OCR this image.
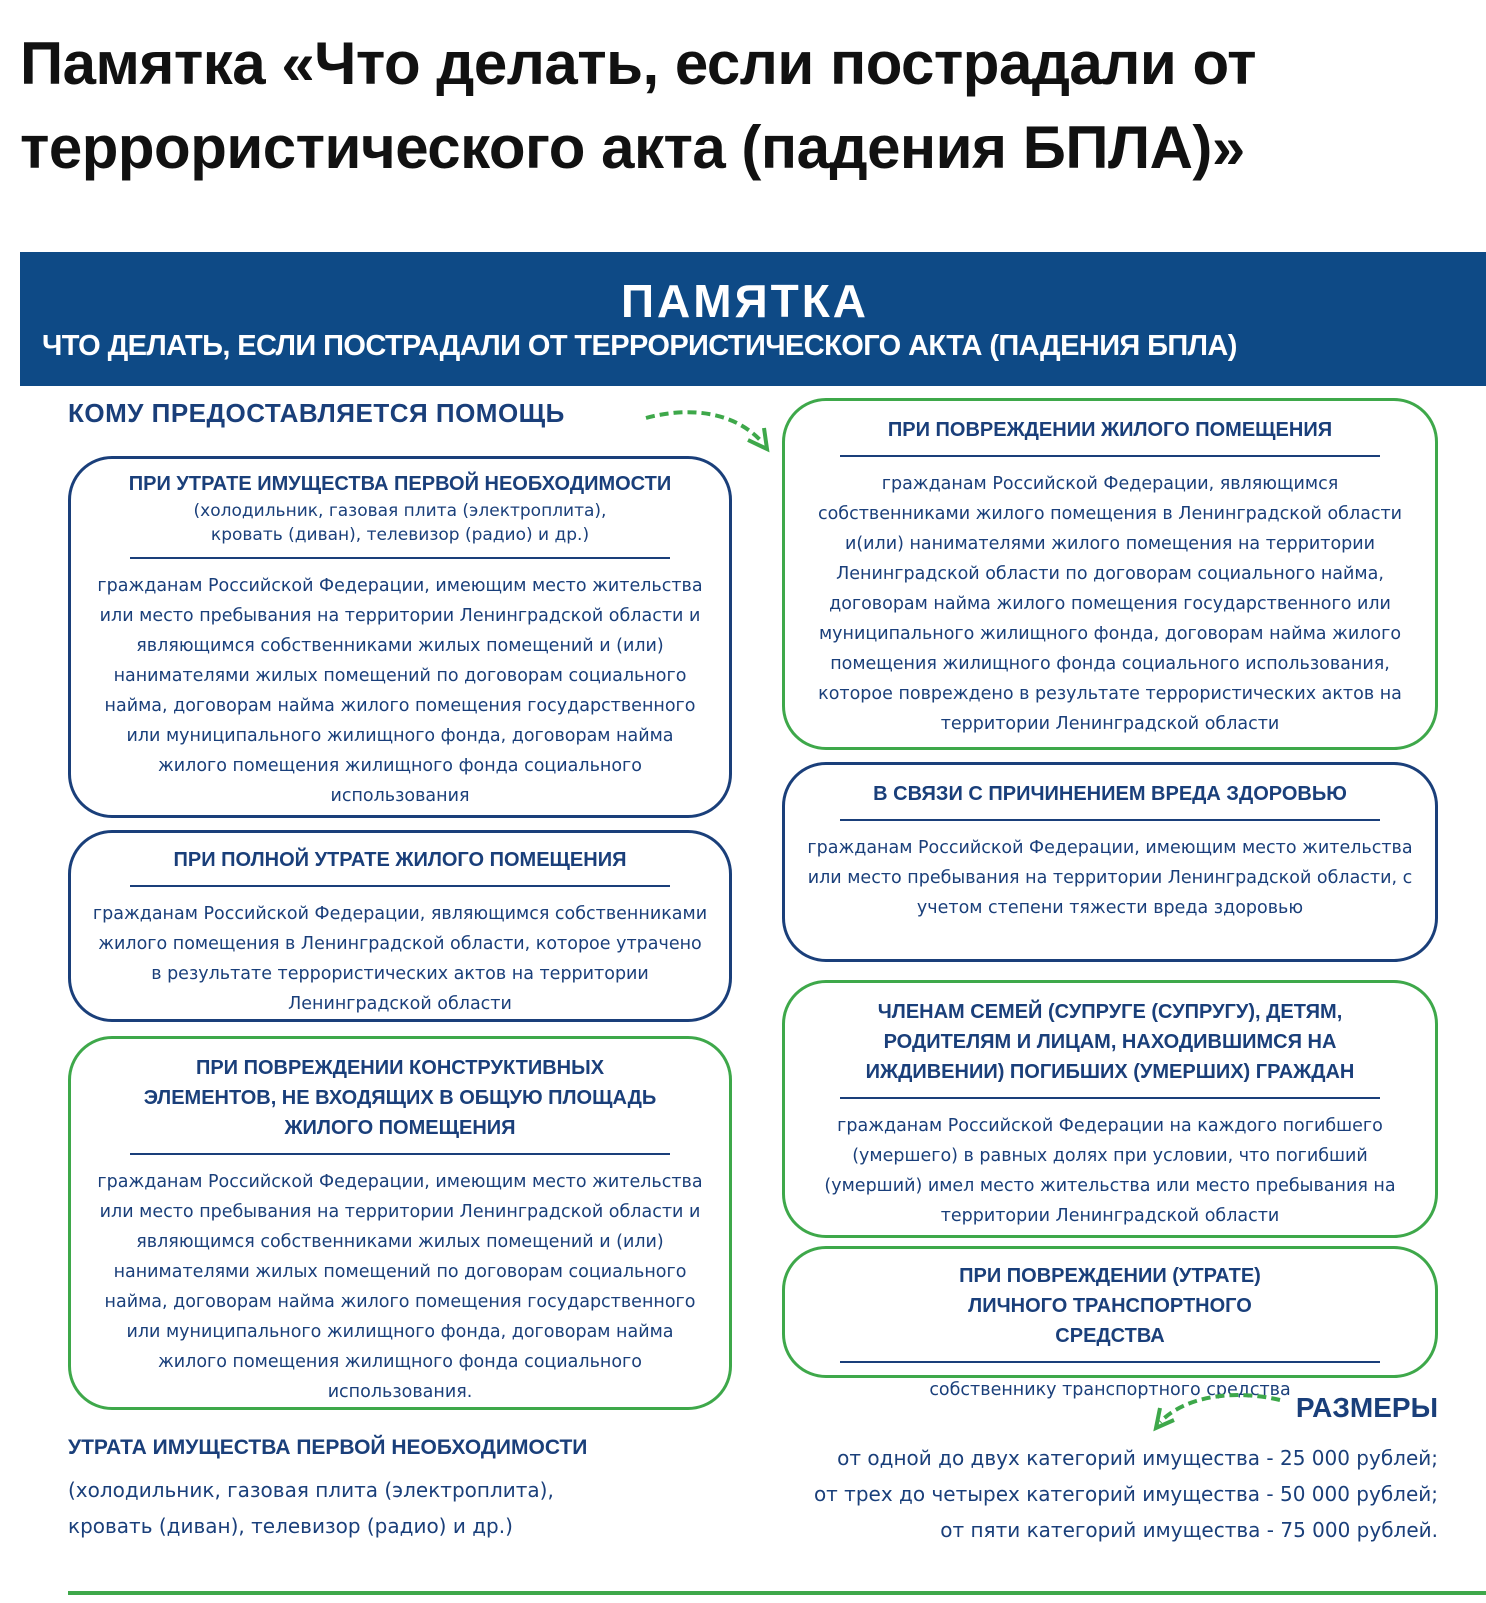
Памятка «Что делать, если пострадали от террористического акта (падения БПЛА)»
ПАМЯТКА
ЧТО ДЕЛАТЬ, ЕСЛИ ПОСТРАДАЛИ ОТ ТЕРРОРИСТИЧЕСКОГО АКТА (ПАДЕНИЯ БПЛА)
КОМУ ПРЕДОСТАВЛЯЕТСЯ ПОМОЩЬ
ПРИ УТРАТЕ ИМУЩЕСТВА ПЕРВОЙ НЕОБХОДИМОСТИ
(холодильник, газовая плита (электроплита), кровать (диван), телевизор (радио) и др.)
гражданам Российской Федерации, имеющим место жительства или место пребывания на территории Ленинградской области и являющимся собственниками жилых помещений и (или) нанимателями жилых помещений по договорам социального найма, договорам найма жилого помещения государственного или муниципального жилищного фонда, договорам найма жилого помещения жилищного фонда социального использования
ПРИ ПОЛНОЙ УТРАТЕ ЖИЛОГО ПОМЕЩЕНИЯ
гражданам Российской Федерации, являющимся собственниками жилого помещения в Ленинградской области, которое утрачено в результате террористических актов на территории Ленинградской области
ПРИ ПОВРЕЖДЕНИИ КОНСТРУКТИВНЫХ ЭЛЕМЕНТОВ, НЕ ВХОДЯЩИХ В ОБЩУЮ ПЛОЩАДЬ ЖИЛОГО ПОМЕЩЕНИЯ
гражданам Российской Федерации, имеющим место жительства или место пребывания на территории Ленинградской области и являющимся собственниками жилых помещений и (или) нанимателями жилых помещений по договорам социального найма, договорам найма жилого помещения государственного или муниципального жилищного фонда, договорам найма жилого помещения жилищного фонда социального использования.
ПРИ ПОВРЕЖДЕНИИ ЖИЛОГО ПОМЕЩЕНИЯ
гражданам Российской Федерации, являющимся собственниками жилого помещения в Ленинградской области и(или) нанимателями жилого помещения на территории Ленинградской области по договорам социального найма, договорам найма жилого помещения государственного или муниципального жилищного фонда, договорам найма жилого помещения жилищного фонда социального использования, которое повреждено в результате террористических актов на территории Ленинградской области
В СВЯЗИ С ПРИЧИНЕНИЕМ ВРЕДА ЗДОРОВЬЮ
гражданам Российской Федерации, имеющим место жительства или место пребывания на территории Ленинградской области, с учетом степени тяжести вреда здоровью
ЧЛЕНАМ СЕМЕЙ (СУПРУГЕ (СУПРУГУ), ДЕТЯМ, РОДИТЕЛЯМ И ЛИЦАМ, НАХОДИВШИМСЯ НА ИЖДИВЕНИИ) ПОГИБШИХ (УМЕРШИХ) ГРАЖДАН
гражданам Российской Федерации на каждого погибшего (умершего) в равных долях при условии, что погибший (умерший) имел место жительства или место пребывания на территории Ленинградской области
ПРИ ПОВРЕЖДЕНИИ (УТРАТЕ) ЛИЧНОГО ТРАНСПОРТНОГО СРЕДСТВА
собственнику транспортного средства
РАЗМЕРЫ
от одной до двух категорий имущества - 25 000 рублей;
от трех до четырех категорий имущества - 50 000 рублей;
от пяти категорий имущества - 75 000 рублей.
УТРАТА ИМУЩЕСТВА ПЕРВОЙ НЕОБХОДИМОСТИ
(холодильник, газовая плита (электроплита),
кровать (диван), телевизор (радио) и др.)
